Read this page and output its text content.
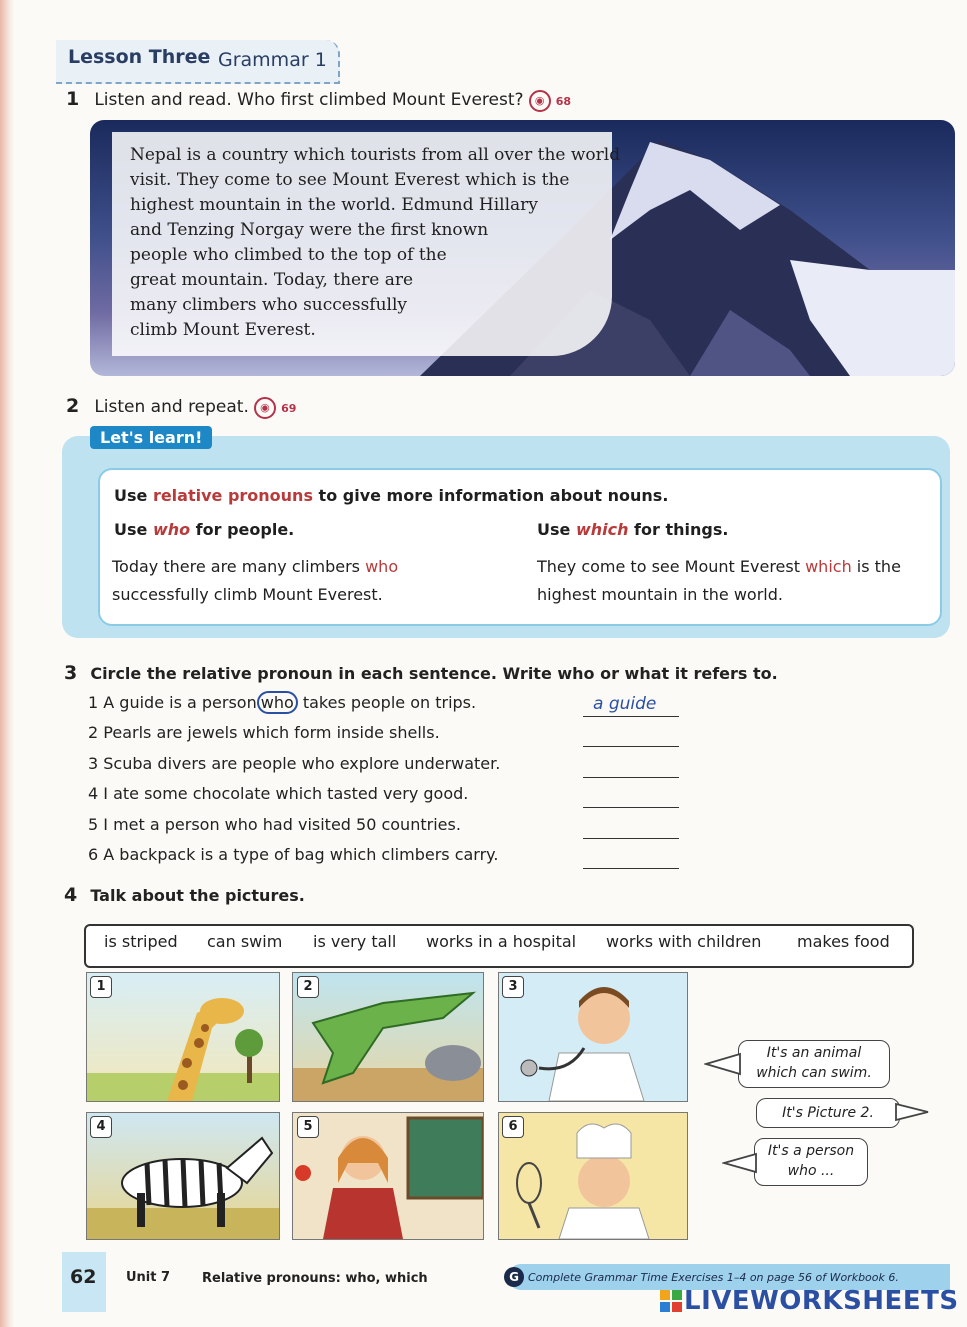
Lesson Three Grammar 1
1 Listen and read. Who first climbed Mount Everest? ◉ 68
Nepal is a country which tourists from all over the world
visit. They come to see Mount Everest which is the
highest mountain in the world. Edmund Hillary
and Tenzing Norgay were the first known
people who climbed to the top of the
great mountain. Today, there are
many climbers who successfully
climb Mount Everest.
2 Listen and repeat. ◉ 69
Let's learn!
Use relative pronouns to give more information about nouns.
Use who for people.	Use which for things.
Today there are many climbers who
successfully climb Mount Everest.
They come to see Mount Everest which is the
highest mountain in the world.
3 Circle the relative pronoun in each sentence. Write who or what it refers to.
1 A guide is a person who takes people on trips.	a guide
2 Pearls are jewels which form inside shells.
3 Scuba divers are people who explore underwater.
4 I ate some chocolate which tasted very good.
5 I met a person who had visited 50 countries.
6 A backpack is a type of bag which climbers carry.
4 Talk about the pictures.
is striped can swim is very tall works in a hospital works with children makes food
1	2	3
4	5	6
It's an animal
which can swim.
It's Picture 2.
It's a person
who ...
62 Unit 7 Relative pronouns: who, which	G Complete Grammar Time Exercises 1–4 on page 56 of Workbook 6.
LIVEWORKSHEETS
